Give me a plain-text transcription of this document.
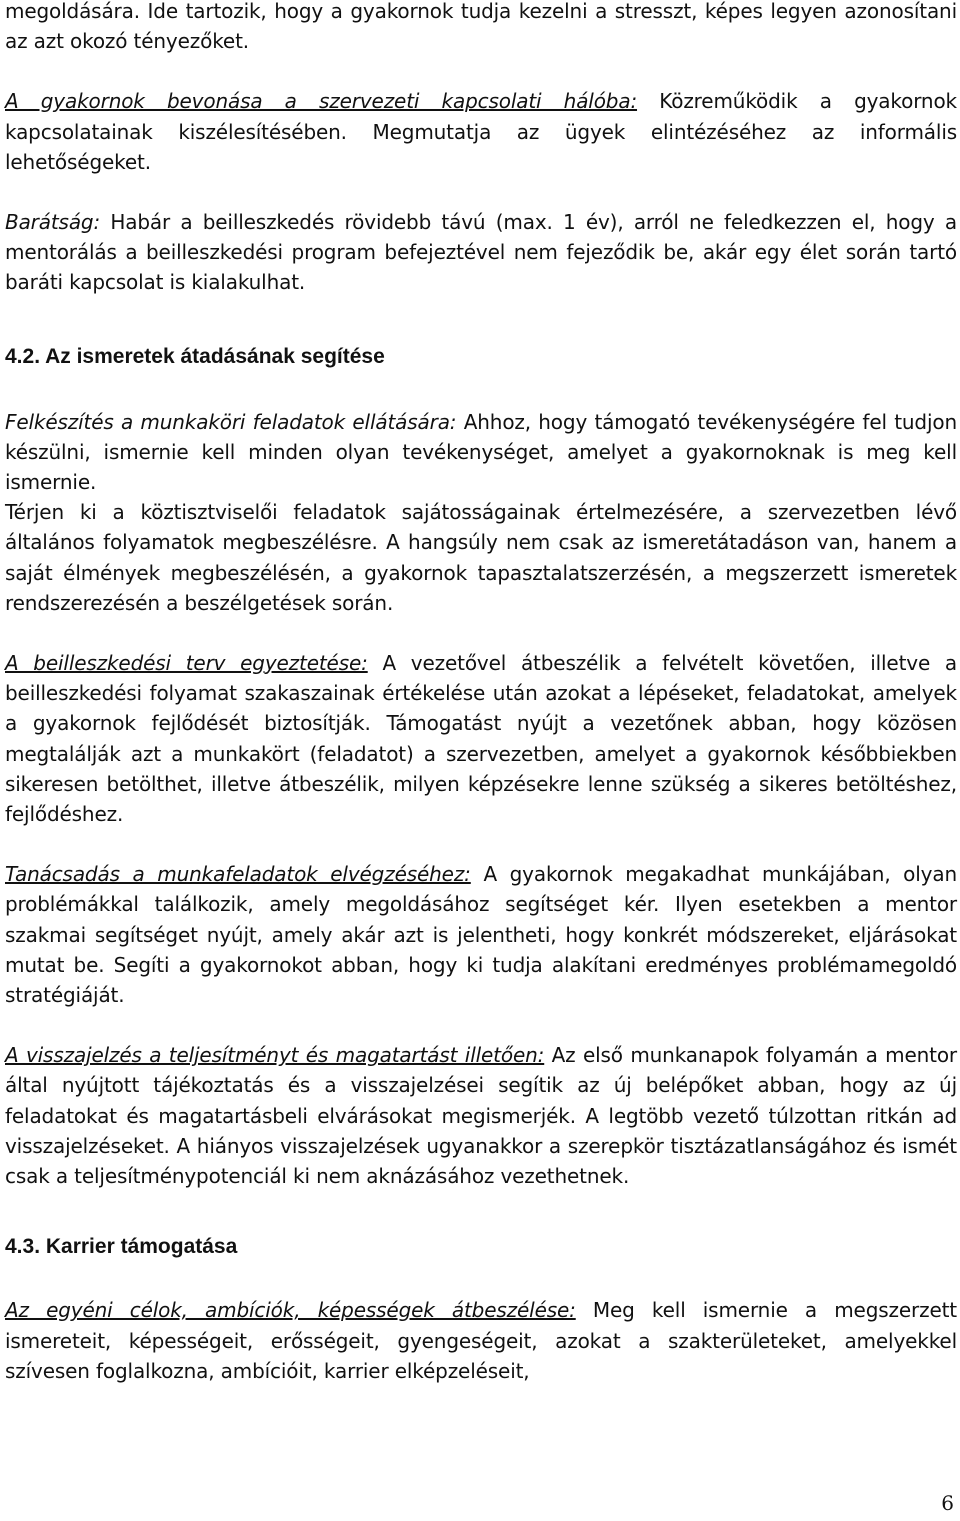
megoldására. Ide tartozik, hogy a gyakornok tudja kezelni a stresszt, képes legyen azonosítani az azt okozó tényezőket.

A gyakornok bevonása a szervezeti kapcsolati hálóba: Közreműködik a gyakornok kapcsolatainak kiszélesítésében. Megmutatja az ügyek elintézéséhez az informális lehetőségeket.

Barátság: Habár a beilleszkedés rövidebb távú (max. 1 év), arról ne feledkezzen el, hogy a mentorálás a beilleszkedési program befejeztével nem fejeződik be, akár egy élet során tartó baráti kapcsolat is kialakulhat.

4.2. Az ismeretek átadásának segítése

Felkészítés a munkaköri feladatok ellátására: Ahhoz, hogy támogató tevékenységére fel tudjon készülni, ismernie kell minden olyan tevékenységet, amelyet a gyakornoknak is meg kell ismernie.

Térjen ki a köztisztviselői feladatok sajátosságainak értelmezésére, a szervezetben lévő általános folyamatok megbeszélésre. A hangsúly nem csak az ismeretátadáson van, hanem a saját élmények megbeszélésén, a gyakornok tapasztalatszerzésén, a megszerzett ismeretek rendszerezésén a beszélgetések során.

A beilleszkedési terv egyeztetése: A vezetővel átbeszélik a felvételt követően, illetve a beilleszkedési folyamat szakaszainak értékelése után azokat a lépéseket, feladatokat, amelyek a gyakornok fejlődését biztosítják. Támogatást nyújt a vezetőnek abban, hogy közösen megtalálják azt a munkakört (feladatot) a szervezetben, amelyet a gyakornok későbbiekben sikeresen betölthet, illetve átbeszélik, milyen képzésekre lenne szükség a sikeres betöltéshez, fejlődéshez.

Tanácsadás a munkafeladatok elvégzéséhez: A gyakornok megakadhat munkájában, olyan problémákkal találkozik, amely megoldásához segítséget kér. Ilyen esetekben a mentor szakmai segítséget nyújt, amely akár azt is jelentheti, hogy konkrét módszereket, eljárásokat mutat be. Segíti a gyakornokot abban, hogy ki tudja alakítani eredményes problémamegoldó stratégiáját.

A visszajelzés a teljesítményt és magatartást illetően: Az első munkanapok folyamán a mentor által nyújtott tájékoztatás és a visszajelzései segítik az új belépőket abban, hogy az új feladatokat és magatartásbeli elvárásokat megismerjék. A legtöbb vezető túlzottan ritkán ad visszajelzéseket. A hiányos visszajelzések ugyanakkor a szerepkör tisztázatlanságához és ismét csak a teljesítménypotenciál ki nem aknázásához vezethetnek.

4.3. Karrier támogatása

Az egyéni célok, ambíciók, képességek átbeszélése: Meg kell ismernie a megszerzett ismereteit, képességeit, erősségeit, gyengeségeit, azokat a szakterületeket, amelyekkel szívesen foglalkozna, ambícióit, karrier elképzeléseit,

6
